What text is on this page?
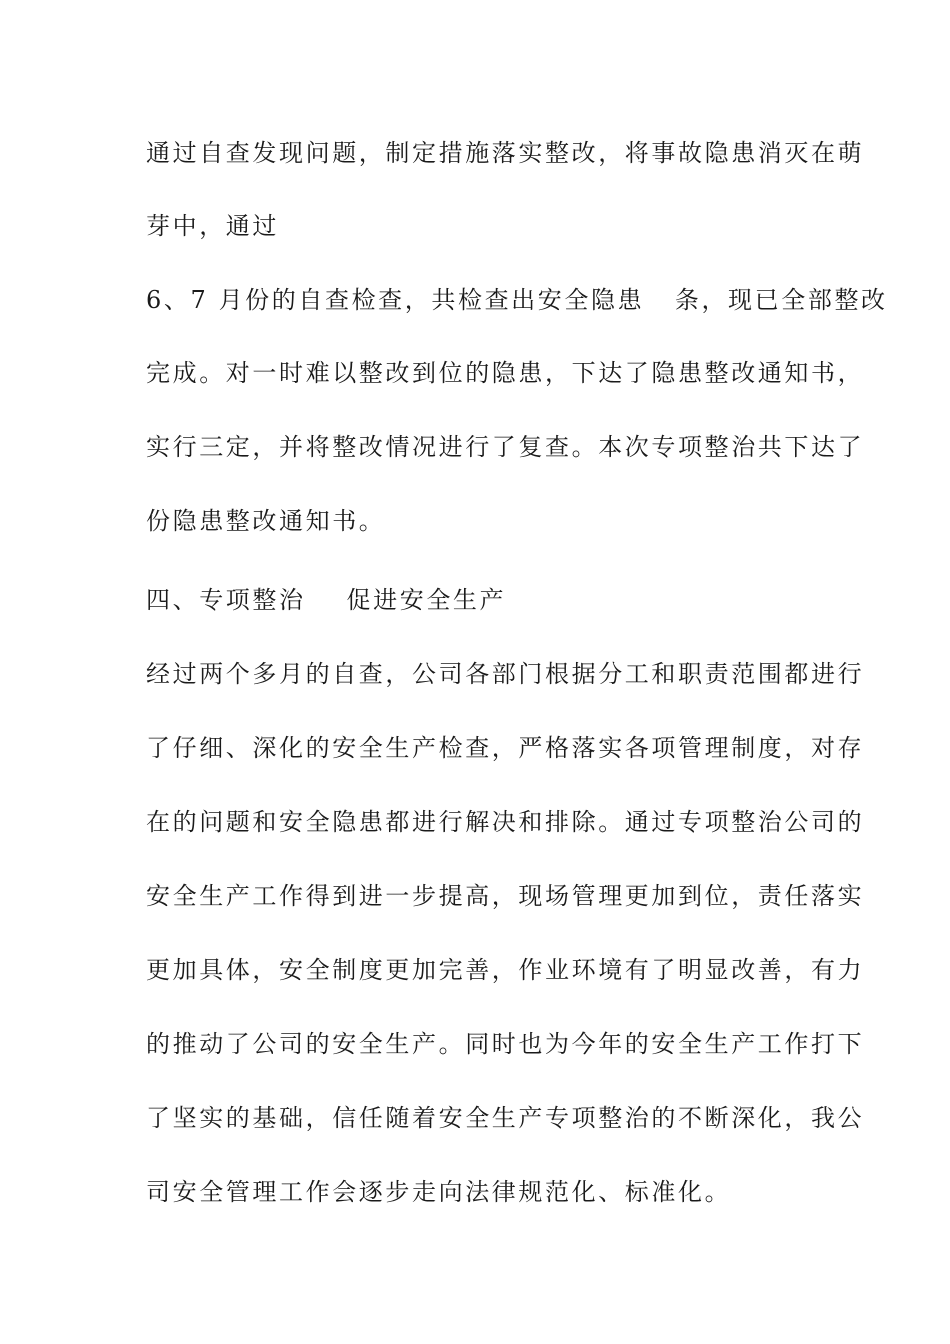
通过自查发现问题，制定措施落实整改，将事故隐患消灭在萌
芽中，通过
6、7 月份的自查检查，共检查出安全隐患   条，现已全部整改
完成。对一时难以整改到位的隐患，下达了隐患整改通知书，
实行三定，并将整改情况进行了复查。本次专项整治共下达了
份隐患整改通知书。
四、专项整治    促进安全生产
经过两个多月的自查，公司各部门根据分工和职责范围都进行
了仔细、深化的安全生产检查，严格落实各项管理制度，对存
在的问题和安全隐患都进行解决和排除。通过专项整治公司的
安全生产工作得到进一步提高，现场管理更加到位，责任落实
更加具体，安全制度更加完善，作业环境有了明显改善，有力
的推动了公司的安全生产。同时也为今年的安全生产工作打下
了坚实的基础，信任随着安全生产专项整治的不断深化，我公
司安全管理工作会逐步走向法律规范化、标准化。
